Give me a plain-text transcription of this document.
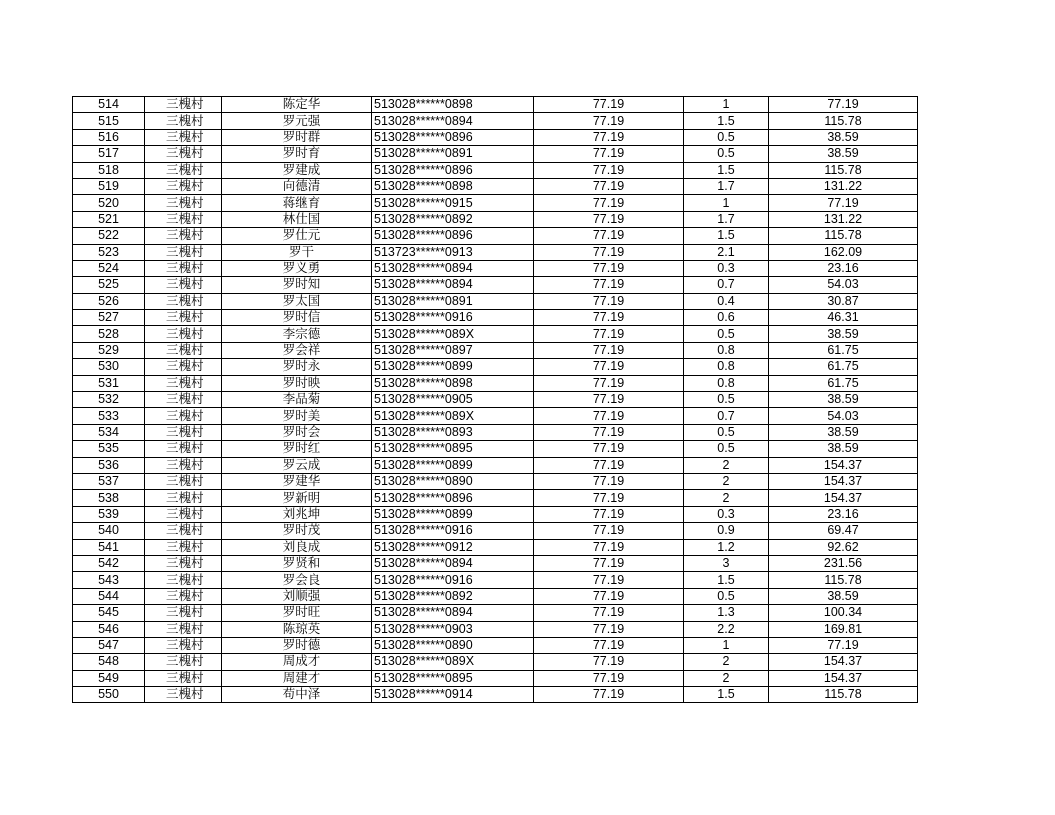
514	三槐村	陈定华	513028******0898	77.19	1	77.19
515	三槐村	罗元强	513028******0894	77.19	1.5	115.78
516	三槐村	罗时群	513028******0896	77.19	0.5	38.59
517	三槐村	罗时育	513028******0891	77.19	0.5	38.59
518	三槐村	罗建成	513028******0896	77.19	1.5	115.78
519	三槐村	向德清	513028******0898	77.19	1.7	131.22
520	三槐村	蒋继育	513028******0915	77.19	1	77.19
521	三槐村	林仕国	513028******0892	77.19	1.7	131.22
522	三槐村	罗仕元	513028******0896	77.19	1.5	115.78
523	三槐村	罗干	513723******0913	77.19	2.1	162.09
524	三槐村	罗义勇	513028******0894	77.19	0.3	23.16
525	三槐村	罗时知	513028******0894	77.19	0.7	54.03
526	三槐村	罗太国	513028******0891	77.19	0.4	30.87
527	三槐村	罗时信	513028******0916	77.19	0.6	46.31
528	三槐村	李宗德	513028******089X	77.19	0.5	38.59
529	三槐村	罗会祥	513028******0897	77.19	0.8	61.75
530	三槐村	罗时永	513028******0899	77.19	0.8	61.75
531	三槐村	罗时映	513028******0898	77.19	0.8	61.75
532	三槐村	李品菊	513028******0905	77.19	0.5	38.59
533	三槐村	罗时美	513028******089X	77.19	0.7	54.03
534	三槐村	罗时会	513028******0893	77.19	0.5	38.59
535	三槐村	罗时红	513028******0895	77.19	0.5	38.59
536	三槐村	罗云成	513028******0899	77.19	2	154.37
537	三槐村	罗建华	513028******0890	77.19	2	154.37
538	三槐村	罗新明	513028******0896	77.19	2	154.37
539	三槐村	刘兆坤	513028******0899	77.19	0.3	23.16
540	三槐村	罗时茂	513028******0916	77.19	0.9	69.47
541	三槐村	刘良成	513028******0912	77.19	1.2	92.62
542	三槐村	罗贤和	513028******0894	77.19	3	231.56
543	三槐村	罗会良	513028******0916	77.19	1.5	115.78
544	三槐村	刘顺强	513028******0892	77.19	0.5	38.59
545	三槐村	罗时旺	513028******0894	77.19	1.3	100.34
546	三槐村	陈琼英	513028******0903	77.19	2.2	169.81
547	三槐村	罗时德	513028******0890	77.19	1	77.19
548	三槐村	周成才	513028******089X	77.19	2	154.37
549	三槐村	周建才	513028******0895	77.19	2	154.37
550	三槐村	苟中泽	513028******0914	77.19	1.5	115.78
